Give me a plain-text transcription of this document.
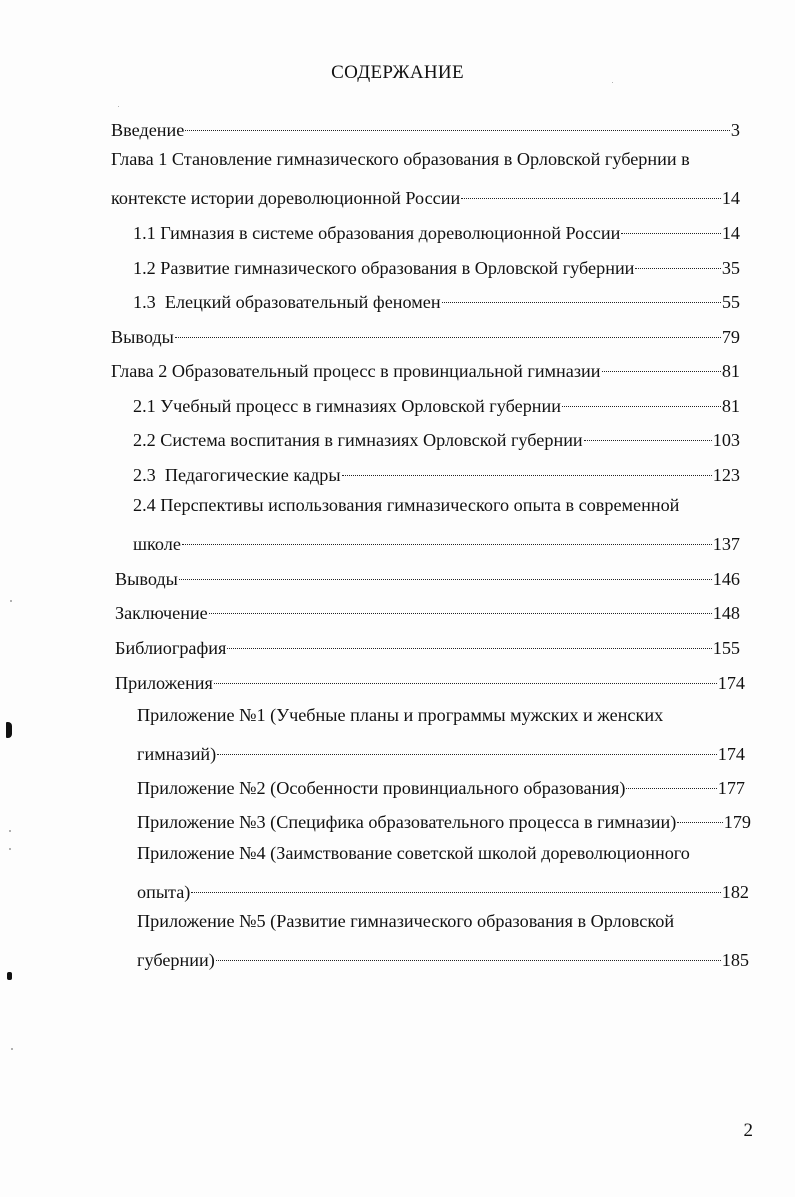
СОДЕРЖАНИЕ
Введение	3
Глава 1 Становление гимназического образования в Орловской губернии в
контексте истории дореволюционной России	14
1.1 Гимназия в системе образования дореволюционной России	14
1.2 Развитие гимназического образования в Орловской губернии	35
1.3  Елецкий образовательный феномен	55
Выводы	79
Глава 2 Образовательный процесс в провинциальной гимназии	81
2.1 Учебный процесс в гимназиях Орловской губернии	81
2.2 Система воспитания в гимназиях Орловской губернии	103
2.3  Педагогические кадры	123
2.4 Перспективы использования гимназического опыта в современной
школе	137
Выводы	146
Заключение	148
Библиография	155
Приложения	174
Приложение №1 (Учебные планы и программы мужских и женских
гимназий)	174
Приложение №2 (Особенности провинциального образования)	177
Приложение №3 (Специфика образовательного процесса в гимназии)	179
Приложение №4 (Заимствование советской школой дореволюционного
опыта)	182
Приложение №5 (Развитие гимназического образования в Орловской
губернии)	185
2
